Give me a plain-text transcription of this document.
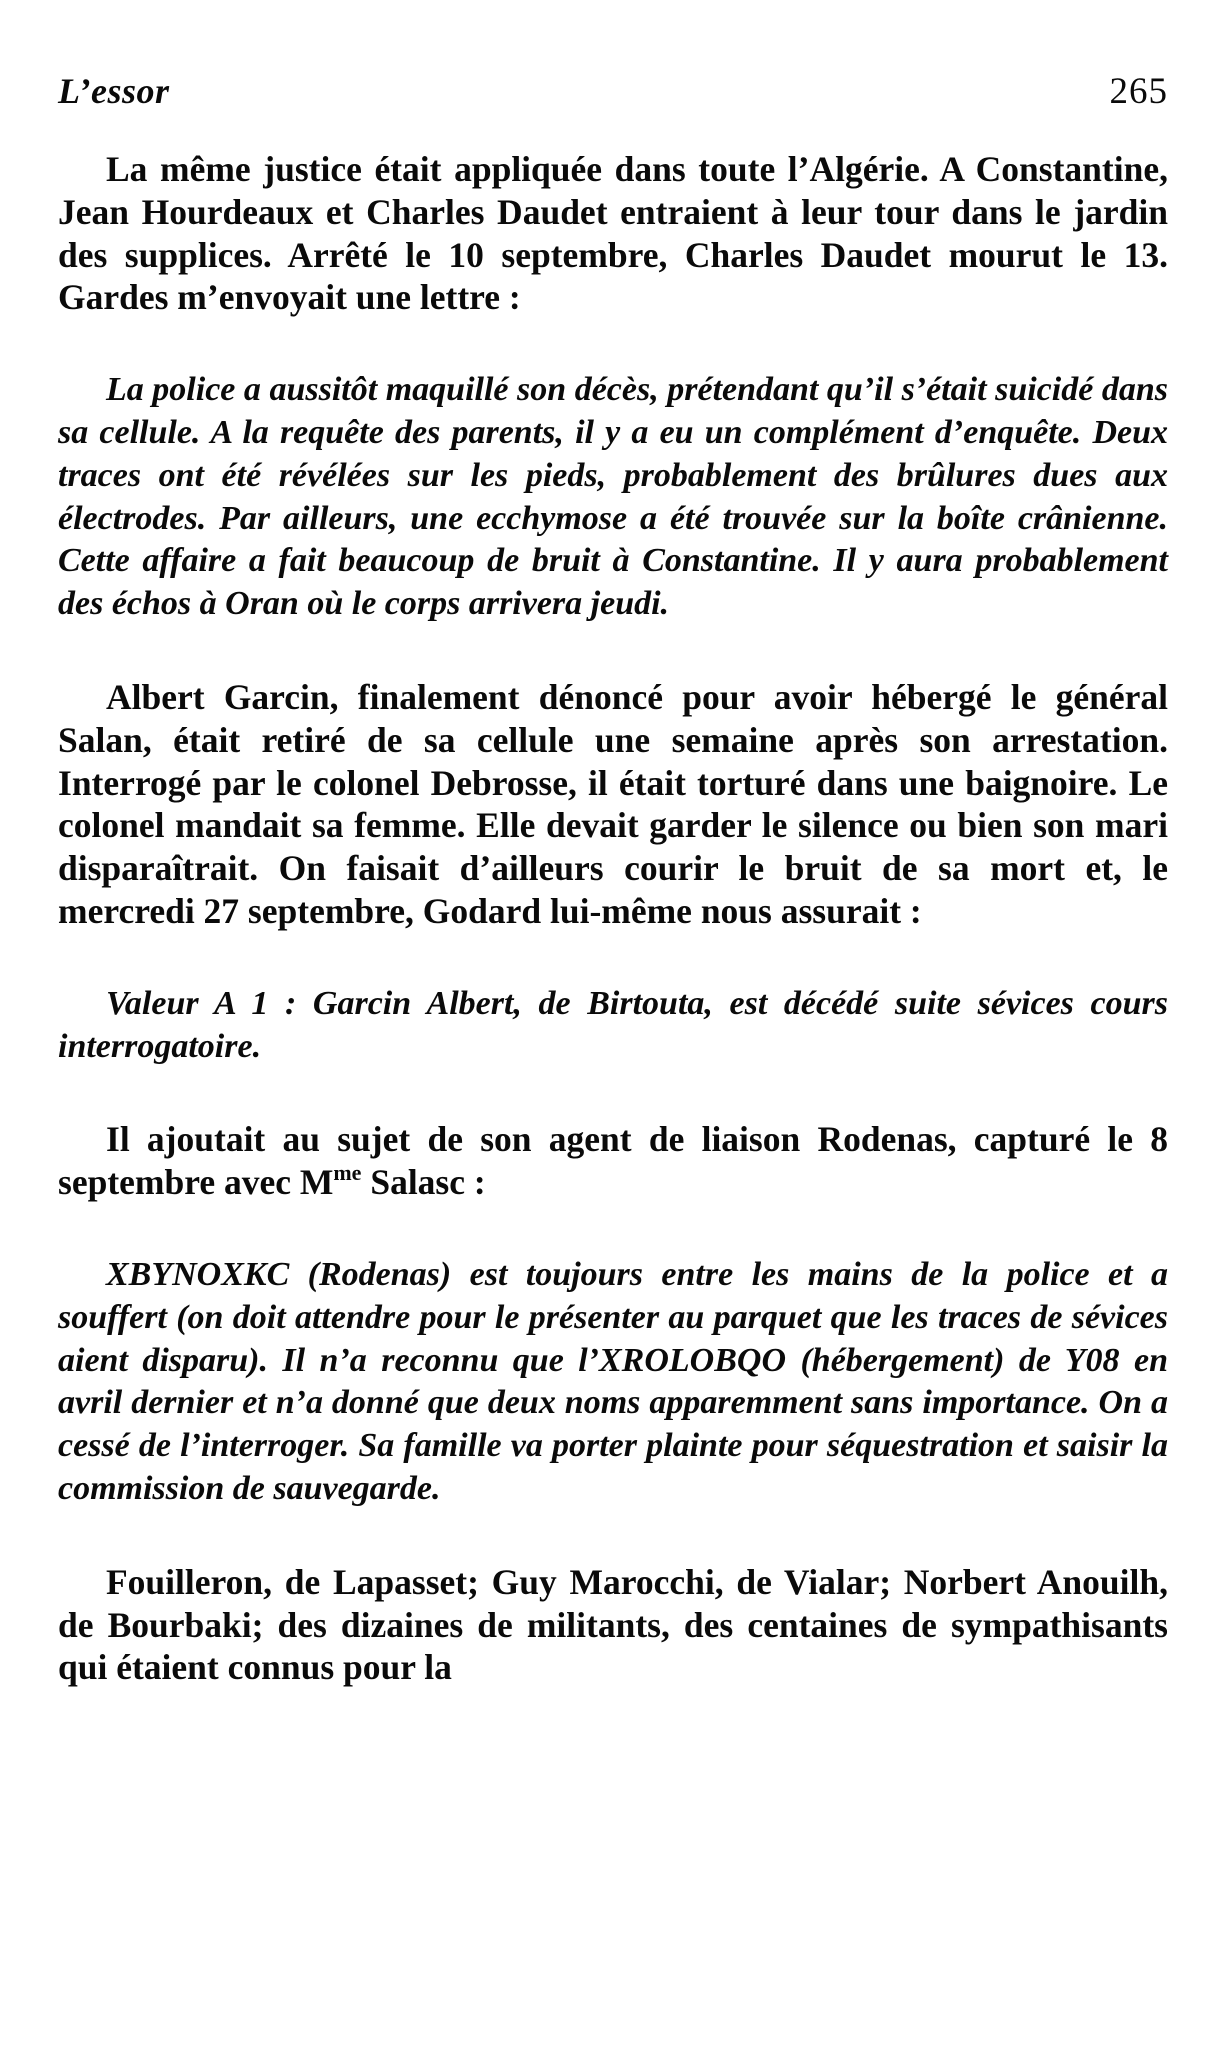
L’essor	265

La même justice était appliquée dans toute l’Algérie. A Constantine, Jean Hourdeaux et Charles Daudet entraient à leur tour dans le jardin des supplices. Arrêté le 10 septembre, Charles Daudet mourut le 13. Gardes m’envoyait une lettre :

La police a aussitôt maquillé son décès, prétendant qu’il s’était suicidé dans sa cellule. A la requête des parents, il y a eu un complément d’enquête. Deux traces ont été révélées sur les pieds, probablement des brûlures dues aux électrodes. Par ailleurs, une ecchymose a été trouvée sur la boîte crânienne. Cette affaire a fait beaucoup de bruit à Constantine. Il y aura probablement des échos à Oran où le corps arrivera jeudi.

Albert Garcin, finalement dénoncé pour avoir hébergé le général Salan, était retiré de sa cellule une semaine après son arrestation. Interrogé par le colonel Debrosse, il était torturé dans une baignoire. Le colonel mandait sa femme. Elle devait garder le silence ou bien son mari disparaîtrait. On faisait d’ailleurs courir le bruit de sa mort et, le mercredi 27 septembre, Godard lui-même nous assurait :

Valeur A 1 : Garcin Albert, de Birtouta, est décédé suite sévices cours interrogatoire.

Il ajoutait au sujet de son agent de liaison Rodenas, capturé le 8 septembre avec $M^{me}$ Salasc :

XBYNOXKC (Rodenas) est toujours entre les mains de la police et a souffert (on doit attendre pour le présenter au parquet que les traces de sévices aient disparu). Il n’a reconnu que l’XROLOBQO (hébergement) de Y08 en avril dernier et n’a donné que deux noms apparemment sans importance. On a cessé de l’interroger. Sa famille va porter plainte pour séquestration et saisir la commission de sauvegarde.

Fouilleron, de Lapasset; Guy Marocchi, de Vialar; Norbert Anouilh, de Bourbaki; des dizaines de militants, des centaines de sympathisants qui étaient connus pour la
